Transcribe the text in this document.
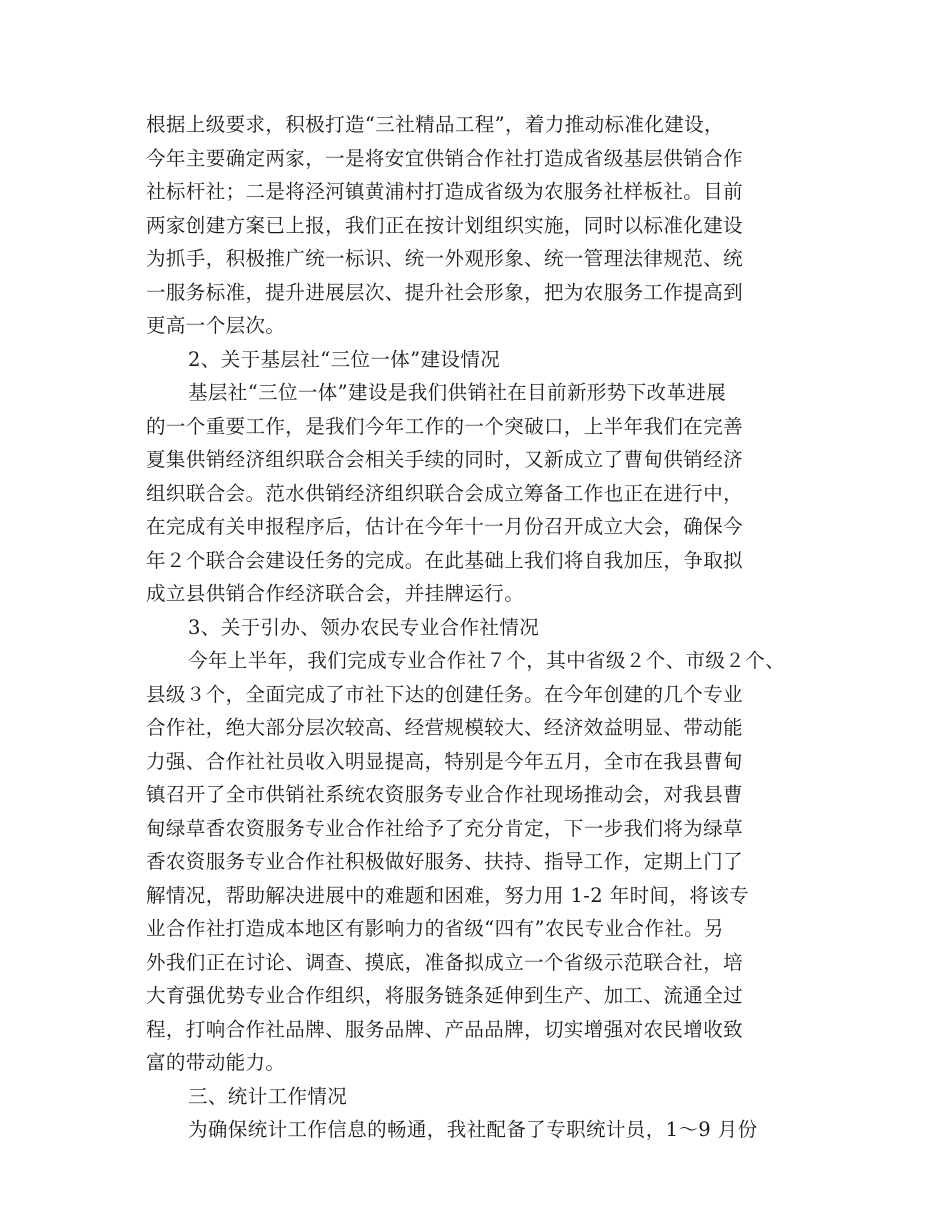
根据上级要求，积极打造“三社精品工程”，着力推动标准化建设，
今年主要确定两家，一是将安宜供销合作社打造成省级基层供销合作
社标杆社；二是将泾河镇黄浦村打造成省级为农服务社样板社。目前
两家创建方案已上报，我们正在按计划组织实施，同时以标准化建设
为抓手，积极推广统一标识、统一外观形象、统一管理法律规范、统
一服务标准，提升进展层次、提升社会形象，把为农服务工作提高到
更高一个层次。
2、关于基层社“三位一体”建设情况
基层社“三位一体”建设是我们供销社在目前新形势下改革进展
的一个重要工作，是我们今年工作的一个突破口，上半年我们在完善
夏集供销经济组织联合会相关手续的同时，又新成立了曹甸供销经济
组织联合会。范水供销经济组织联合会成立筹备工作也正在进行中，
在完成有关申报程序后，估计在今年十一月份召开成立大会，确保今
年２个联合会建设任务的完成。在此基础上我们将自我加压，争取拟
成立县供销合作经济联合会，并挂牌运行。
3、关于引办、领办农民专业合作社情况
今年上半年，我们完成专业合作社７个，其中省级２个、市级２个、
县级３个，全面完成了市社下达的创建任务。在今年创建的几个专业
合作社，绝大部分层次较高、经营规模较大、经济效益明显、带动能
力强、合作社社员收入明显提高，特别是今年五月，全市在我县曹甸
镇召开了全市供销社系统农资服务专业合作社现场推动会，对我县曹
甸绿草香农资服务专业合作社给予了充分肯定，下一步我们将为绿草
香农资服务专业合作社积极做好服务、扶持、指导工作，定期上门了
解情况，帮助解决进展中的难题和困难，努力用 1-2 年时间，将该专
业合作社打造成本地区有影响力的省级“四有”农民专业合作社。另
外我们正在讨论、调查、摸底，准备拟成立一个省级示范联合社，培
大育强优势专业合作组织，将服务链条延伸到生产、加工、流通全过
程，打响合作社品牌、服务品牌、产品品牌，切实增强对农民增收致
富的带动能力。
三、统计工作情况
为确保统计工作信息的畅通，我社配备了专职统计员，1～9 月份
